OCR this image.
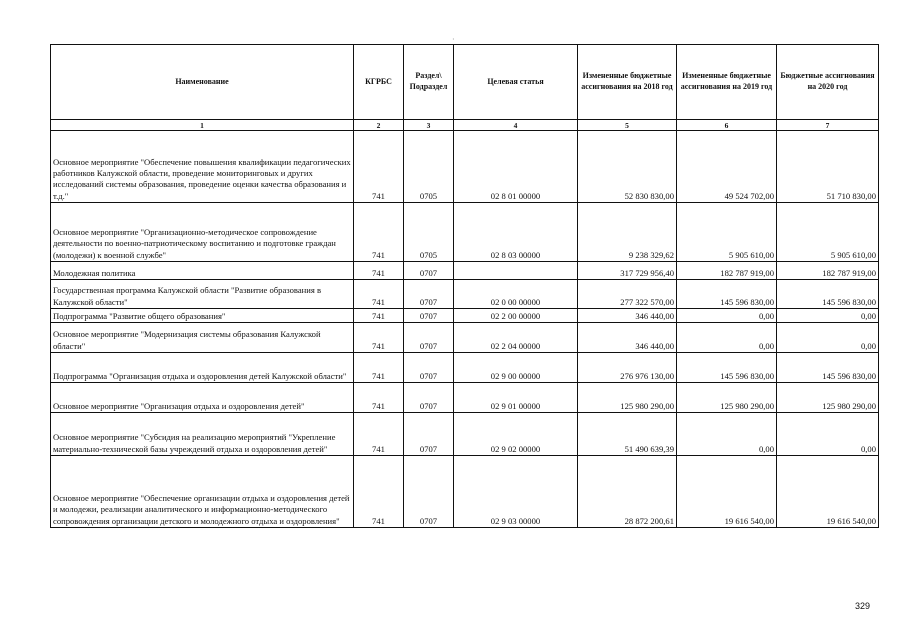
·
Наименование	КГРБС	Раздел\ Подраздел	Целевая статья	Измененные бюджетные ассигнования на 2018 год	Измененные бюджетные ассигнования на 2019 год	Бюджетные ассигнования на 2020 год
1	2	3	4	5	6	7
Основное мероприятие "Обеспечение повышения квалификации педагогических работников Калужской области, проведение мониторинговых и других исследований системы образования, проведение оценки качества образования и т.д."	741	0705	02 8 01 00000	52 830 830,00	49 524 702,00	51 710 830,00
Основное мероприятие "Организационно-методическое сопровождение деятельности по военно-патриотическому воспитанию и подготовке граждан (молодежи) к военной службе"	741	0705	02 8 03 00000	9 238 329,62	5 905 610,00	5 905 610,00
Молодежная политика	741	0707		317 729 956,40	182 787 919,00	182 787 919,00
Государственная программа Калужской области "Развитие образования в Калужской области"	741	0707	02 0 00 00000	277 322 570,00	145 596 830,00	145 596 830,00
Подпрограмма "Развитие общего образования"	741	0707	02 2 00 00000	346 440,00	0,00	0,00
Основное мероприятие "Модернизация системы образования Калужской области"	741	0707	02 2 04 00000	346 440,00	0,00	0,00
Подпрограмма "Организация отдыха и оздоровления детей Калужской области"	741	0707	02 9 00 00000	276 976 130,00	145 596 830,00	145 596 830,00
Основное мероприятие "Организация отдыха и оздоровления детей"	741	0707	02 9 01 00000	125 980 290,00	125 980 290,00	125 980 290,00
Основное мероприятие "Субсидия на реализацию мероприятий "Укрепление материально-технической базы учреждений отдыха и оздоровления детей"	741	0707	02 9 02 00000	51 490 639,39	0,00	0,00
Основное мероприятие "Обеспечение организации отдыха и оздоровления детей и молодежи, реализации аналитического и информационно-методического сопровождения организации детского и молодежного отдыха и оздоровления"	741	0707	02 9 03 00000	28 872 200,61	19 616 540,00	19 616 540,00
329
